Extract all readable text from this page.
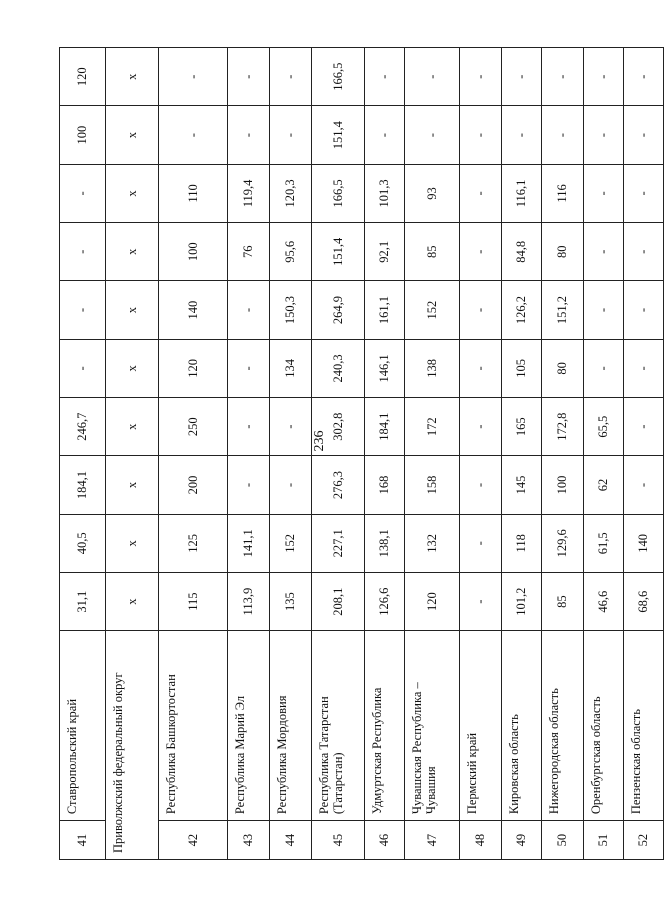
236
41	Ставропольский край	31,1	40,5	184,1	246,7	-	-	-	-	100	120
Приволжский федеральный округ		х	х	х	х	х	х	х	х	х	х
42	Республика Башкортостан	115	125	200	250	120	140	100	110	-	-
43	Республика Марий Эл	113,9	141,1	-	-	-	-	76	119,4	-	-
44	Республика Мордовия	135	152	-	-	134	150,3	95,6	120,3	-	-
45	Республика Татарстан (Татарстан)	208,1	227,1	276,3	302,8	240,3	264,9	151,4	166,5	151,4	166,5
46	Удмуртская Республика	126,6	138,1	168	184,1	146,1	161,1	92,1	101,3	-	-
47	Чувашская Республика – Чувашия	120	132	158	172	138	152	85	93	-	-
48	Пермский край	-	-	-	-	-	-	-	-	-	-
49	Кировская область	101,2	118	145	165	105	126,2	84,8	116,1	-	-
50	Нижегородская область	85	129,6	100	172,8	80	151,2	80	116	-	-
51	Оренбургская область	46,6	61,5	62	65,5	-	-	-	-	-	-
52	Пензенская область	68,6	140	-	-	-	-	-	-	-	-
